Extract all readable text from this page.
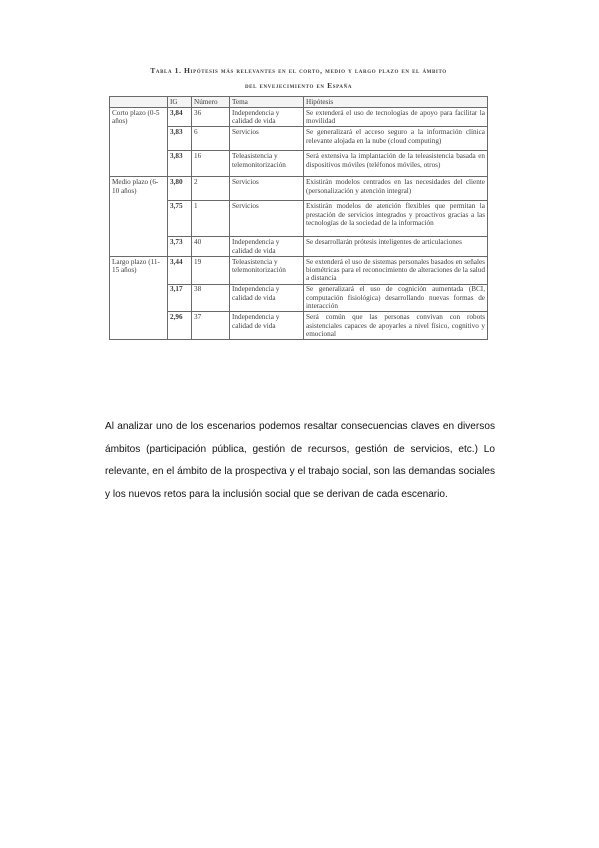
Tabla 1. Hipótesis más relevantes en el corto, medio y largo plazo en el ámbito
del envejecimiento en España
	IG	Número	Tema	Hipótesis
Corto plazo (0-5 años)	3,84	36	Independencia y calidad de vida	Se extenderá el uso de tecnologías de apoyo para facilitar la movilidad
	3,83	6	Servicios	Se generalizará el acceso seguro a la información clínica relevante alojada en la nube (cloud computing)
	3,83	16	Teleasistencia y telemonitorización	Será extensiva la implantación de la teleasistencia basada en dispositivos móviles (teléfonos móviles, otros)
Medio plazo (6-10 años)	3,80	2	Servicios	Existirán modelos centrados en las necesidades del cliente (personalización y atención integral)
	3,75	1	Servicios	Existirán modelos de atención flexibles que permitan la prestación de servicios integrados y proactivos gracias a las tecnologías de la sociedad de la información
	3,73	40	Independencia y calidad de vida	Se desarrollarán prótesis inteligentes de articulaciones
Largo plazo (11-15 años)	3,44	19	Teleasistencia y telemonitorización	Se extenderá el uso de sistemas personales basados en señales biométricas para el reconocimiento de alteraciones de la salud a distancia
	3,17	38	Independencia y calidad de vida	Se generalizará el uso de cognición aumentada (BCI, computación fisiológica) desarrollando nuevas formas de interacción
	2,96	37	Independencia y calidad de vida	Será común que las personas convivan con robots asistenciales capaces de apoyarles a nivel físico, cognitivo y emocional
Al analizar uno de los escenarios podemos resaltar consecuencias claves en diversos
ámbitos (participación pública, gestión de recursos, gestión de servicios, etc.) Lo
relevante, en el ámbito de la prospectiva y el trabajo social, son las demandas sociales
y los nuevos retos para la inclusión social que se derivan de cada escenario.
